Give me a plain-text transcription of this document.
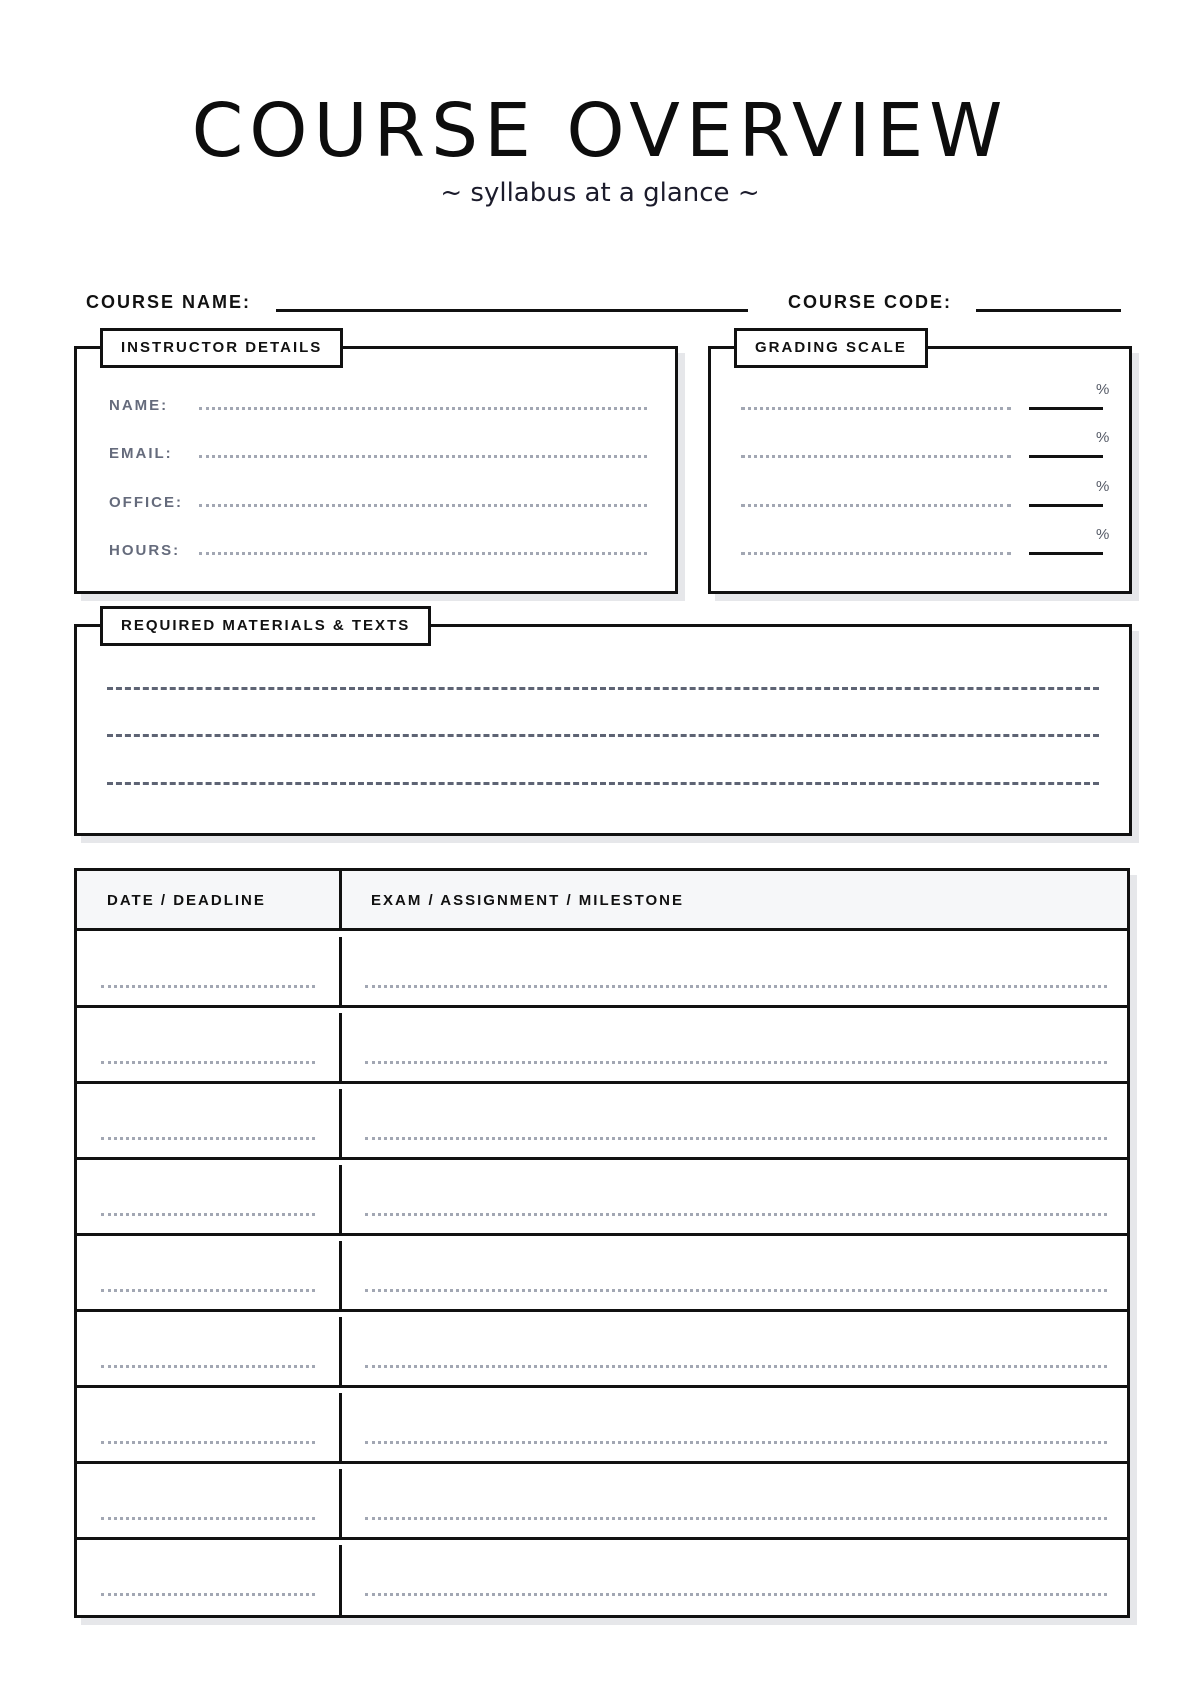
COURSE OVERVIEW
~ syllabus at a glance ~
COURSE NAME:	COURSE CODE:
NAME:
EMAIL:
OFFICE:
HOURS:
INSTRUCTOR DETAILS
%
%
%
%
GRADING SCALE
REQUIRED MATERIALS & TEXTS
DATE / DEADLINE	EXAM / ASSIGNMENT / MILESTONE
